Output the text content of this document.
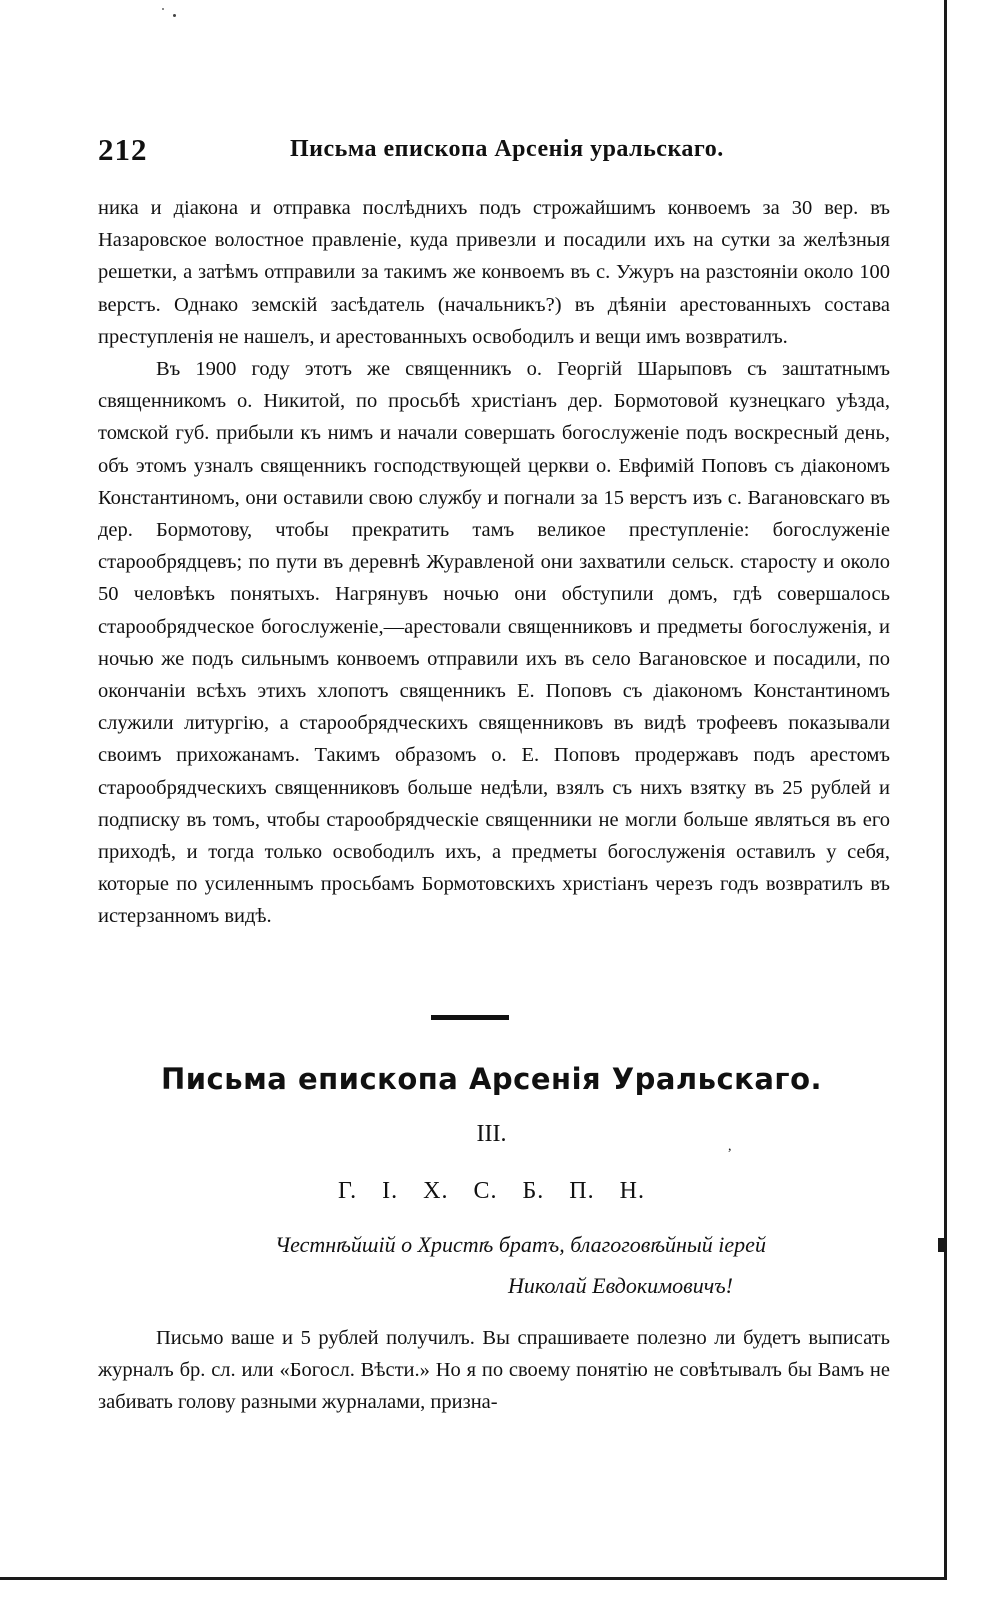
212	Письма епископа Арсенія уральскаго.

ника и діакона и отправка послѣднихъ подъ строжайшимъ конвоемъ за 30 вер. въ Назаровское волостное правленіе, куда привезли и посадили ихъ на сутки за желѣзныя решетки, а затѣмъ отправили за такимъ же конвоемъ въ с. Ужуръ на разстояніи около 100 верстъ. Однако земскій засѣдатель (начальникъ?) въ дѣяніи арестованныхъ состава преступленія не нашелъ, и арестованныхъ освободилъ и вещи имъ возвратилъ.

Въ 1900 году этотъ же священникъ о. Георгій Шарыповъ съ заштатнымъ священникомъ о. Никитой, по просьбѣ христіанъ дер. Бормотовой кузнецкаго уѣзда, томской губ. прибыли къ нимъ и начали совершать богослуженіе подъ воскресный день, объ этомъ узналъ священникъ господствующей церкви о. Евфимій Поповъ съ діакономъ Константиномъ, они оставили свою службу и погнали за 15 верстъ изъ с. Вагановскаго въ дер. Бормотову, чтобы прекратить тамъ великое преступленіе: богослуженіе старообрядцевъ; по пути въ деревнѣ Журавленой они захватили сельск. старосту и около 50 человѣкъ понятыхъ. Нагрянувъ ночью они обступили домъ, гдѣ совершалось старообрядческое богослуженіе,—арестовали священниковъ и предметы богослуженія, и ночью же подъ сильнымъ конвоемъ отправили ихъ въ село Вагановское и посадили, по окончаніи всѣхъ этихъ хлопотъ священникъ Е. Поповъ съ діакономъ Константиномъ служили литургію, а старообрядческихъ священниковъ въ видѣ трофеевъ показывали своимъ прихожанамъ. Такимъ образомъ о. Е. Поповъ продержавъ подъ арестомъ старообрядческихъ священниковъ больше недѣли, взялъ съ нихъ взятку въ 25 рублей и подписку въ томъ, чтобы старообрядческіе священники не могли больше являться въ его приходѣ, и тогда только освободилъ ихъ, а предметы богослуженія оставилъ у себя, которые по усиленнымъ просьбамъ Бормотовскихъ христіанъ черезъ годъ возвратилъ въ истерзанномъ видѣ.

Письма епископа Арсенія Уральскаго.
III.	,
Г. І. Х. С. Б. П. Н.
Честнѣйшій о Христѣ братъ, благоговѣйный іерей
Николай Евдокимовичъ!

Письмо ваше и 5 рублей получилъ. Вы спрашиваете полезно ли будетъ выписать журналъ бр. сл. или «Богосл. Вѣсти.» Но я по своему понятію не совѣтывалъ бы Вамъ не забивать голову разными журналами, призна-
